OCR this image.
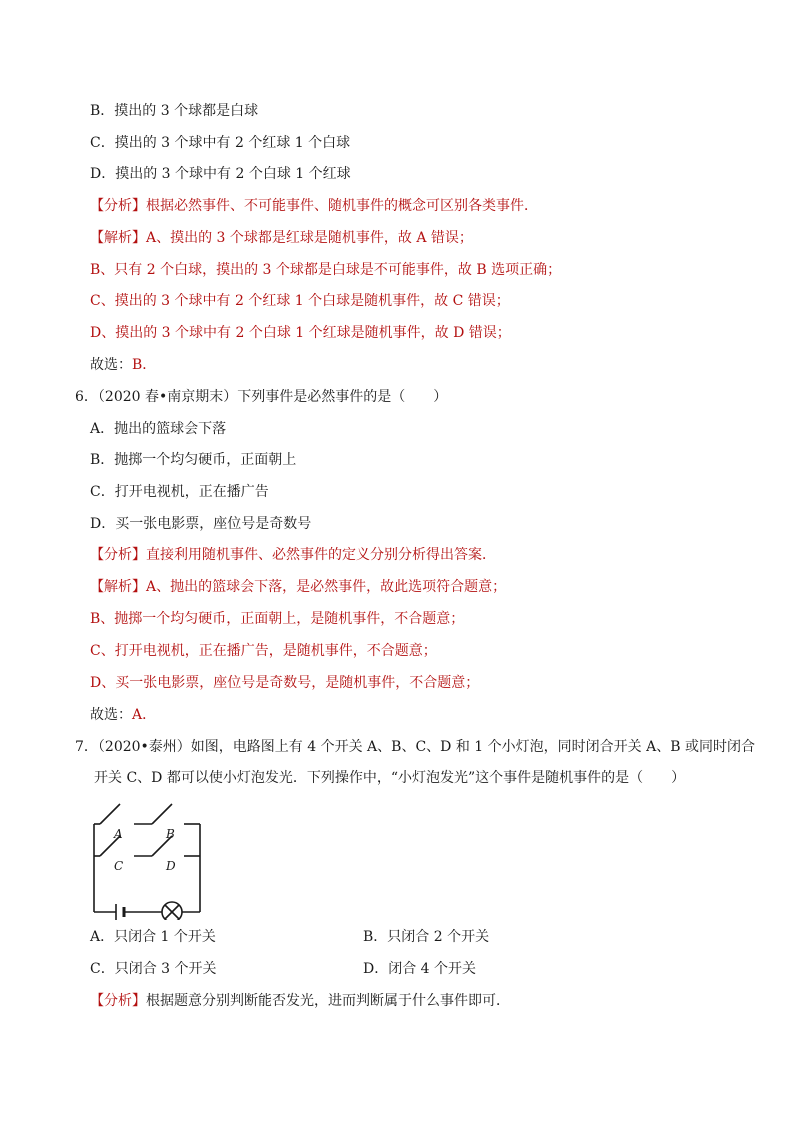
B．摸出的 3 个球都是白球
C．摸出的 3 个球中有 2 个红球 1 个白球
D．摸出的 3 个球中有 2 个白球 1 个红球
【分析】根据必然事件、不可能事件、随机事件的概念可区别各类事件．
【解析】A、摸出的 3 个球都是红球是随机事件，故 A 错误；
B、只有 2 个白球，摸出的 3 个球都是白球是不可能事件，故 B 选项正确；
C、摸出的 3 个球中有 2 个红球 1 个白球是随机事件，故 C 错误；
D、摸出的 3 个球中有 2 个白球 1 个红球是随机事件，故 D 错误；
故选：B．
6．（2020 春•南京期末）下列事件是必然事件的是（　　）
A．抛出的篮球会下落
B．抛掷一个均匀硬币，正面朝上
C．打开电视机，正在播广告
D．买一张电影票，座位号是奇数号
【分析】直接利用随机事件、必然事件的定义分别分析得出答案．
【解析】A、抛出的篮球会下落，是必然事件，故此选项符合题意；
B、抛掷一个均匀硬币，正面朝上，是随机事件，不合题意；
C、打开电视机，正在播广告，是随机事件，不合题意；
D、买一张电影票，座位号是奇数号，是随机事件，不合题意；
故选：A．
7．（2020•泰州）如图，电路图上有 4 个开关 A、B、C、D 和 1 个小灯泡，同时闭合开关 A、B 或同时闭合
开关 C、D 都可以使小灯泡发光．下列操作中，“小灯泡发光”这个事件是随机事件的是（　　）
A	B
C	D
A．只闭合 1 个开关	B．只闭合 2 个开关
C．只闭合 3 个开关	D．闭合 4 个开关
【分析】根据题意分别判断能否发光，进而判断属于什么事件即可．
